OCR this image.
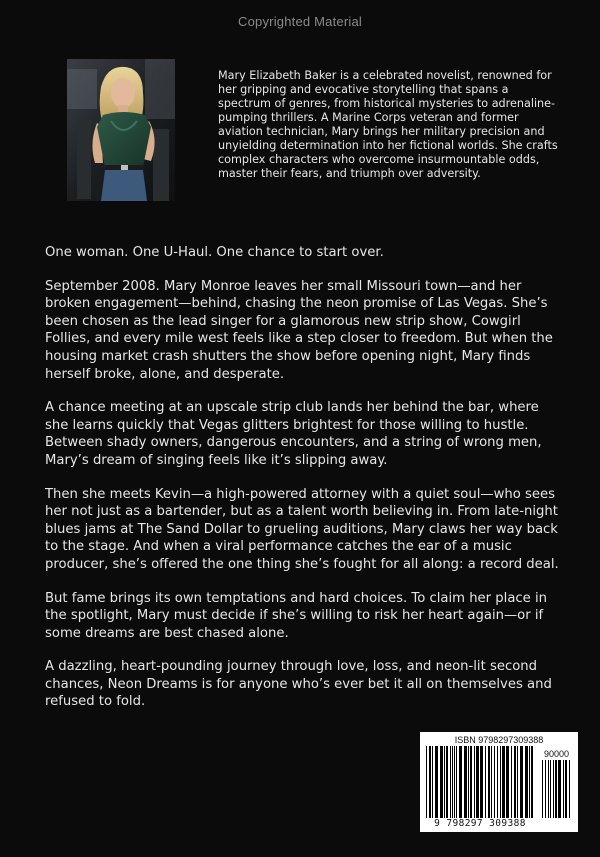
Copyrighted Material

Mary Elizabeth Baker is a celebrated novelist, renowned for her gripping and evocative storytelling that spans a spectrum of genres, from historical mysteries to adrenaline-pumping thrillers. A Marine Corps veteran and former aviation technician, Mary brings her military precision and unyielding determination into her fictional worlds. She crafts complex characters who overcome insurmountable odds, master their fears, and triumph over adversity.

One woman. One U-Haul. One chance to start over.

September 2008. Mary Monroe leaves her small Missouri town—and her broken engagement—behind, chasing the neon promise of Las Vegas. She’s been chosen as the lead singer for a glamorous new strip show, Cowgirl Follies, and every mile west feels like a step closer to freedom. But when the housing market crash shutters the show before opening night, Mary finds herself broke, alone, and desperate.

A chance meeting at an upscale strip club lands her behind the bar, where she learns quickly that Vegas glitters brightest for those willing to hustle. Between shady owners, dangerous encounters, and a string of wrong men, Mary’s dream of singing feels like it’s slipping away.

Then she meets Kevin—a high-powered attorney with a quiet soul—who sees her not just as a bartender, but as a talent worth believing in. From late-night blues jams at The Sand Dollar to grueling auditions, Mary claws her way back to the stage. And when a viral performance catches the ear of a music producer, she’s offered the one thing she’s fought for all along: a record deal.

But fame brings its own temptations and hard choices. To claim her place in the spotlight, Mary must decide if she’s willing to risk her heart again—or if some dreams are best chased alone.

A dazzling, heart-pounding journey through love, loss, and neon-lit second chances, Neon Dreams is for anyone who’s ever bet it all on themselves and refused to fold.

ISBN 9798297309388
90000
9 798297 309388
